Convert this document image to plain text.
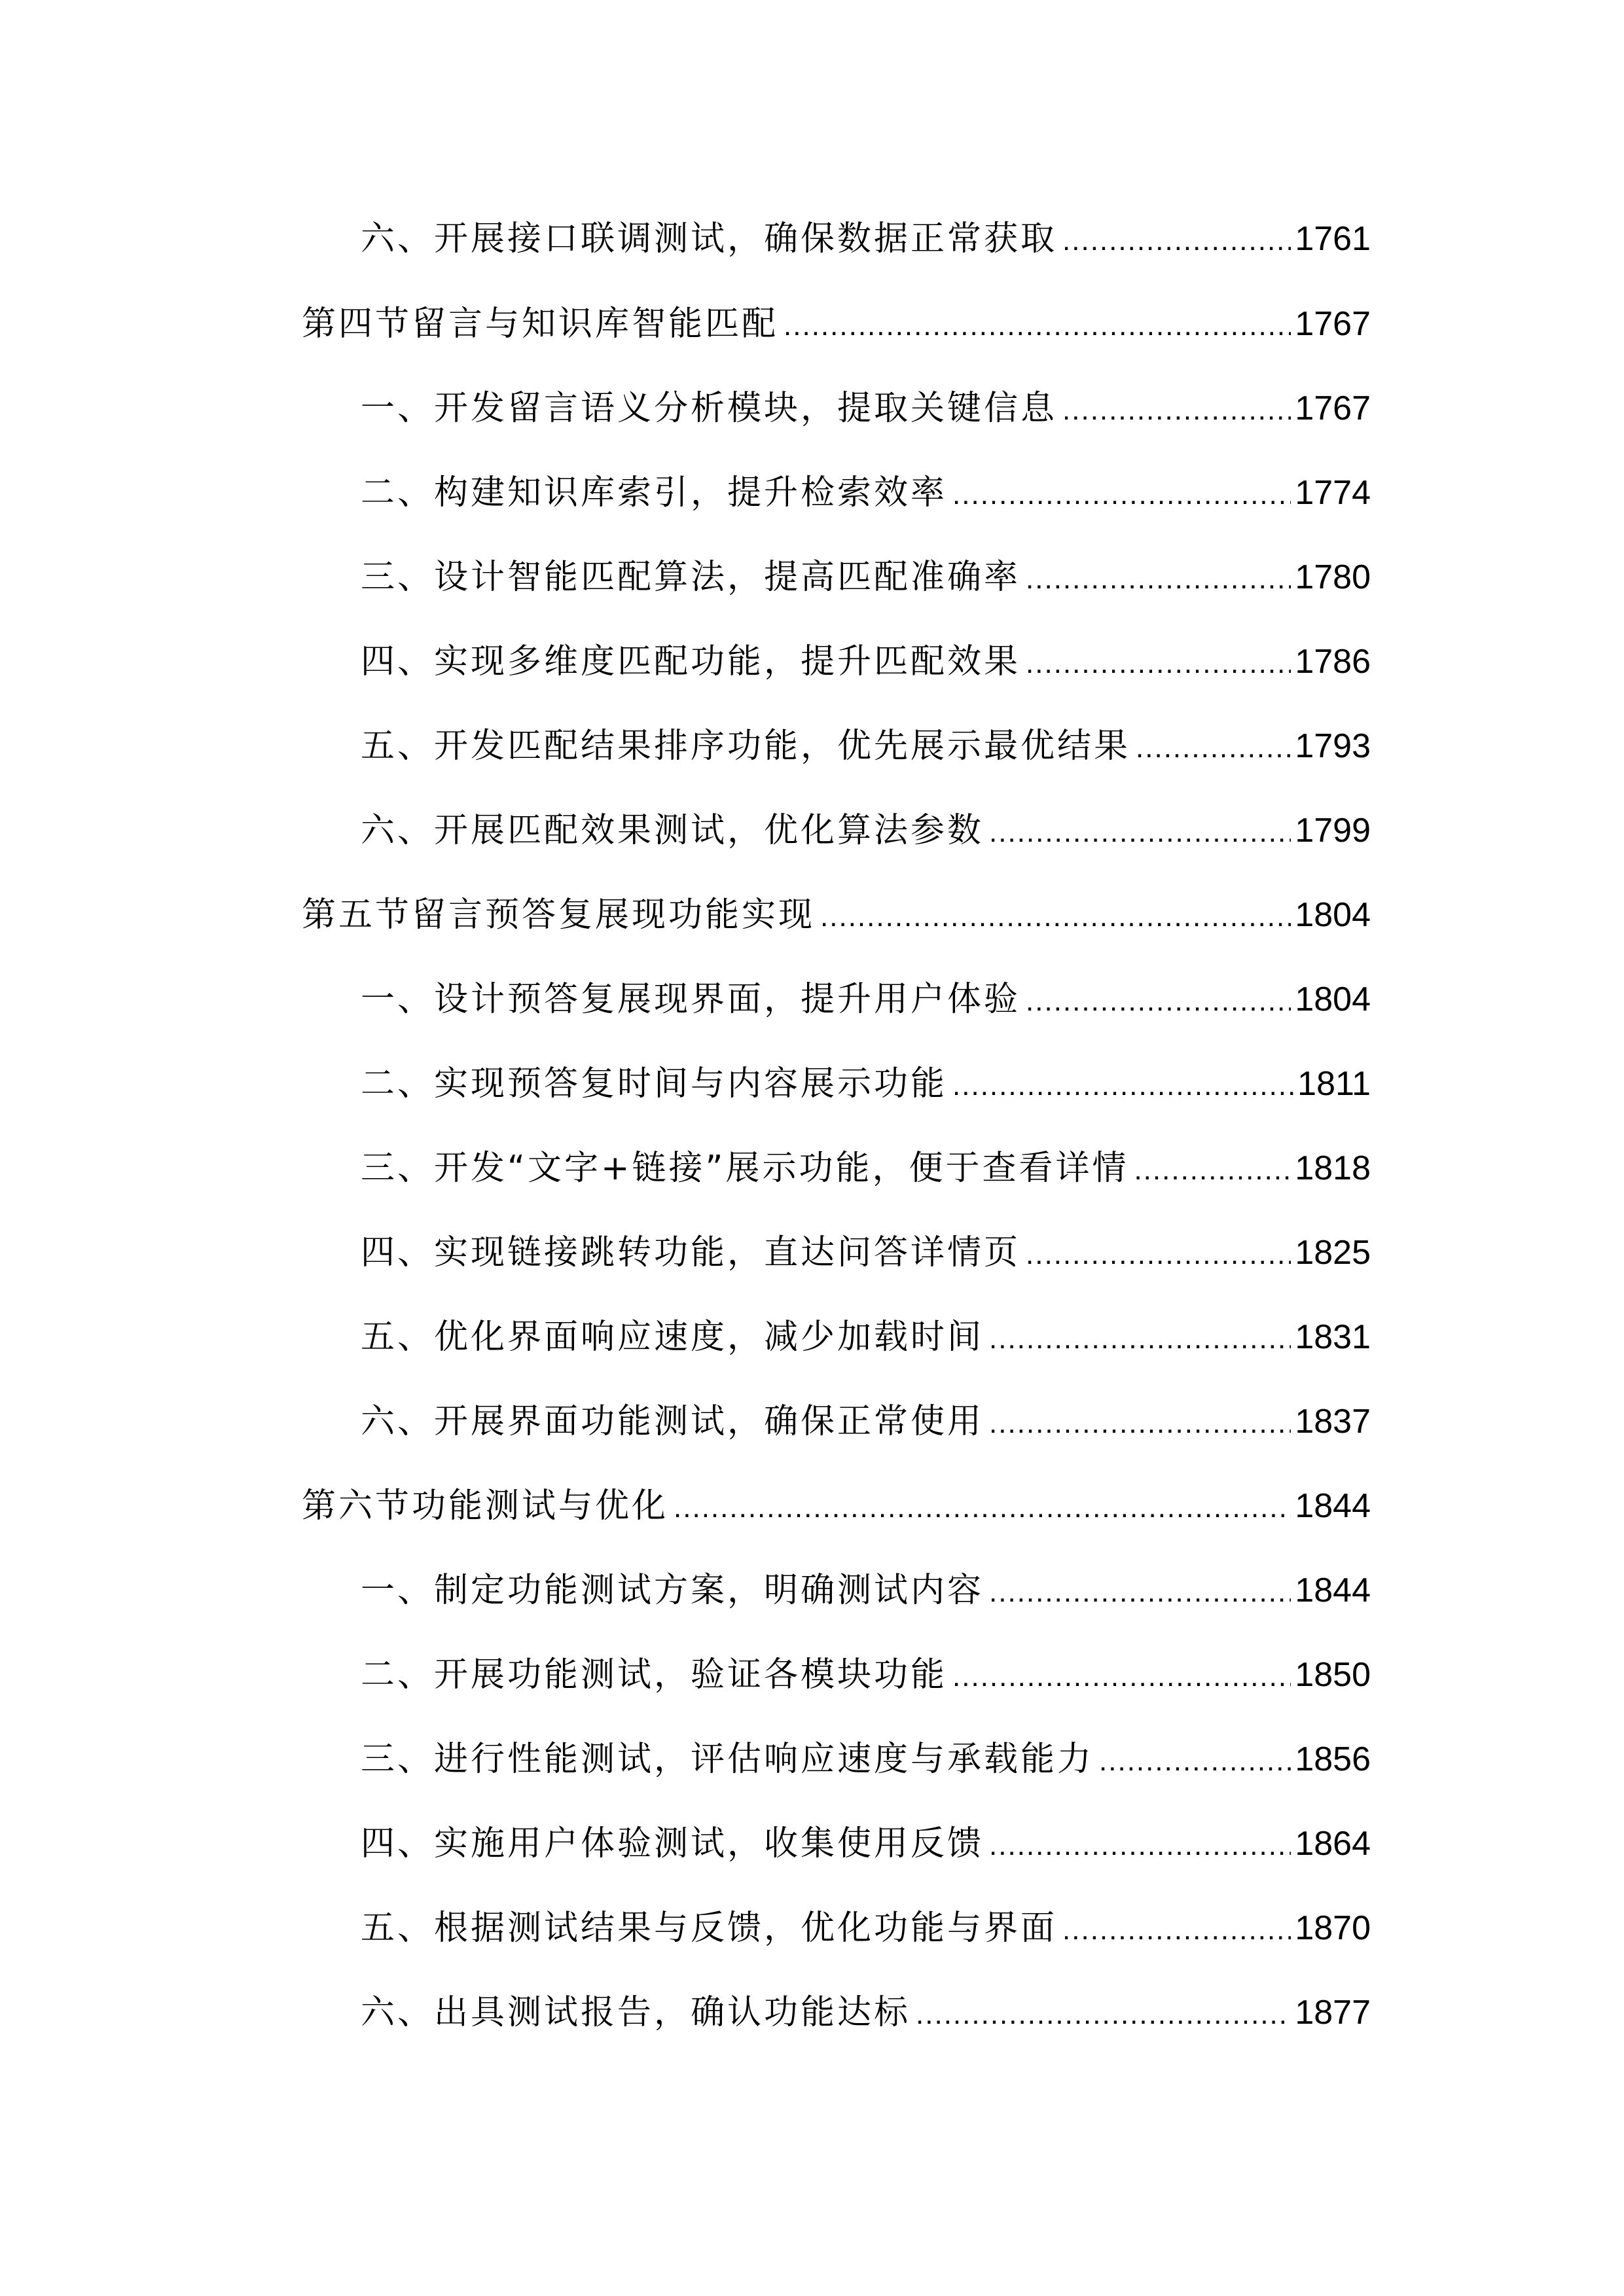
六、开展接口联调测试，确保数据正常获取 .....	1761
第四节留言与知识库智能匹配 .....	1767
一、开发留言语义分析模块，提取关键信息 .....	1767
二、构建知识库索引，提升检索效率 .....	1774
三、设计智能匹配算法，提高匹配准确率 .....	1780
四、实现多维度匹配功能，提升匹配效果 .....	1786
五、开发匹配结果排序功能，优先展示最优结果 .....	1793
六、开展匹配效果测试，优化算法参数 .....	1799
第五节留言预答复展现功能实现 .....	1804
一、设计预答复展现界面，提升用户体验 .....	1804
二、实现预答复时间与内容展示功能 .....	1811
三、开发“文字+链接”展示功能，便于查看详情 .....	1818
四、实现链接跳转功能，直达问答详情页 .....	1825
五、优化界面响应速度，减少加载时间 .....	1831
六、开展界面功能测试，确保正常使用 .....	1837
第六节功能测试与优化 .....	1844
一、制定功能测试方案，明确测试内容 .....	1844
二、开展功能测试，验证各模块功能 .....	1850
三、进行性能测试，评估响应速度与承载能力 .....	1856
四、实施用户体验测试，收集使用反馈 .....	1864
五、根据测试结果与反馈，优化功能与界面 .....	1870
六、出具测试报告，确认功能达标 .....	1877
